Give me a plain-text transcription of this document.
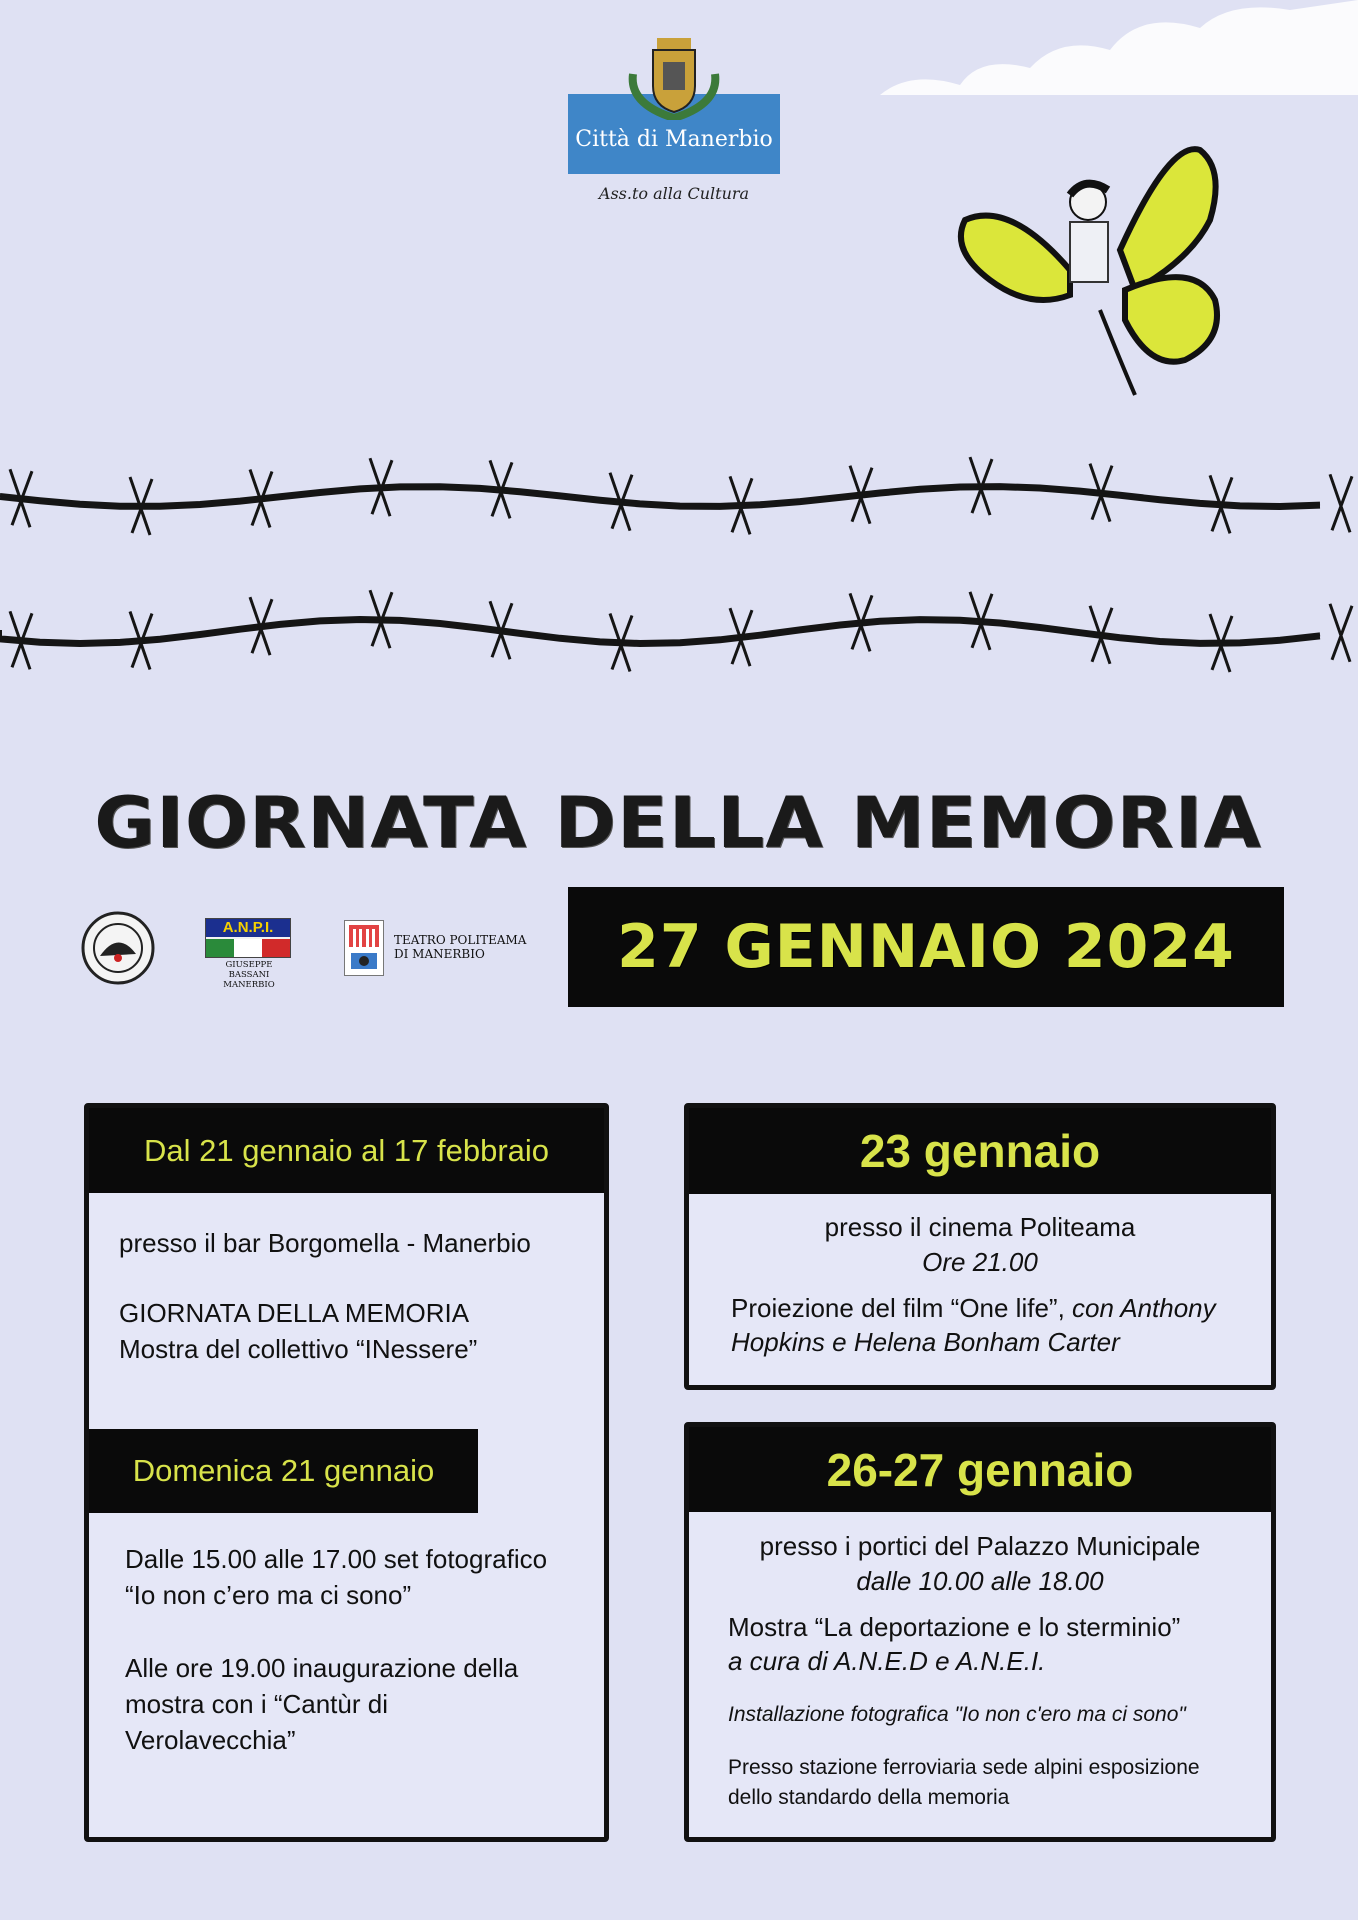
Città di Manerbio
Ass.to alla Cultura
GIORNATA DELLA MEMORIA
A.N.P.I.
GIUSEPPE BASSANI
MANERBIO
TEATRO POLITEAMA
DI MANERBIO	27 GENNAIO 2024
Dal 21 gennaio al 17 febbraio
presso il bar Borgomella - Manerbio
GIORNATA DELLA MEMORIA
Mostra del collettivo “INessere”
Domenica 21 gennaio
Dalle 15.00 alle 17.00 set fotografico
“Io non c’ero ma ci sono”
Alle ore 19.00 inaugurazione della
mostra con i “Cantùr di
Verolavecchia”
23 gennaio
presso il cinema Politeama
Ore 21.00
Proiezione del film “One life”, con Anthony Hopkins e Helena Bonham Carter
26-27 gennaio
presso i portici del Palazzo Municipale
dalle 10.00 alle 18.00
Mostra “La deportazione e lo sterminio”
a cura di A.N.E.D e A.N.E.I.
Installazione fotografica "Io non c'ero ma ci sono"
Presso stazione ferroviaria sede alpini esposizione
dello standardo della memoria
